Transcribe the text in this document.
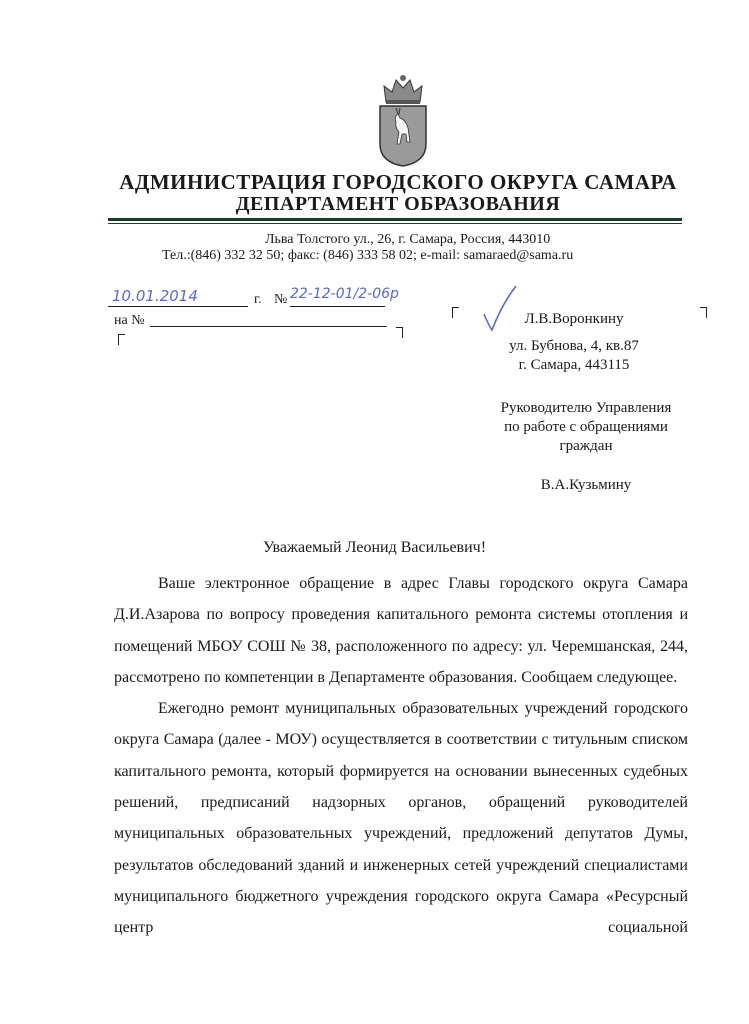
АДМИНИСТРАЦИЯ ГОРОДСКОГО ОКРУГА САМАРА
ДЕПАРТАМЕНТ ОБРАЗОВАНИЯ
Льва Толстого ул., 26, г. Самара, Россия, 443010
Тел.:(846) 332 32 50; факс: (846) 333 58 02; e-mail: samaraed@sama.ru
10.01.2014	г. № 22-12-01/2-06р
на №	Л.В.Воронкину
ул. Бубнова, 4, кв.87
г. Самара, 443115
Руководителю Управления
по работе с обращениями
граждан
В.А.Кузьмину
Уважаемый Леонид Васильевич!

Ваше электронное обращение в адрес Главы городского округа Самара Д.И.Азарова по вопросу проведения капитального ремонта системы отопления и помещений МБОУ СОШ № 38, расположенного по адресу: ул. Черемшанская, 244, рассмотрено по компетенции в Департаменте образования. Сообщаем следующее.

Ежегодно ремонт муниципальных образовательных учреждений городского округа Самара (далее - МОУ) осуществляется в соответствии с титульным списком капитального ремонта, который формируется на основании вынесенных судебных решений, предписаний надзорных органов, обращений руководителей муниципальных образовательных учреждений, предложений депутатов Думы, результатов обследований зданий и инженерных сетей учреждений специалистами муниципального бюджетного учреждения городского округа Самара «Ресурсный центр социальной
